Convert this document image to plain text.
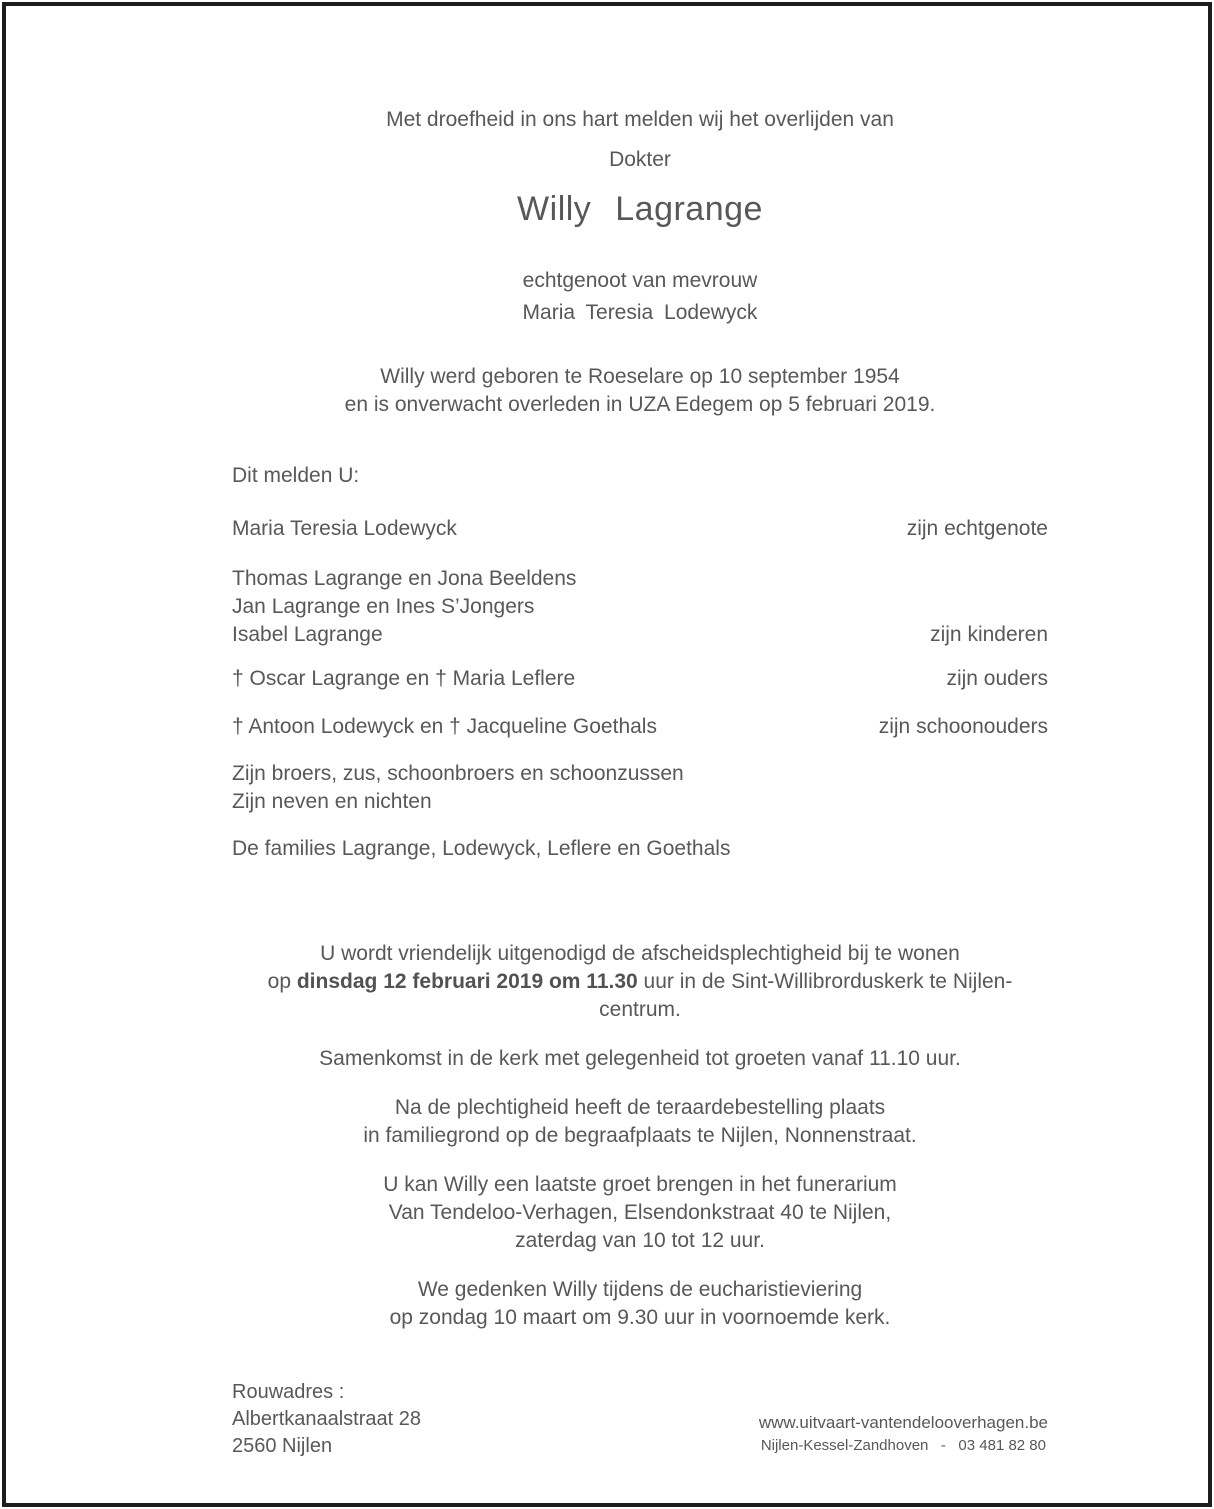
Met droefheid in ons hart melden wij het overlijden van

Dokter

Willy Lagrange

echtgenoot van mevrouw

Maria Teresia Lodewyck

Willy werd geboren te Roeselare op 10 september 1954
en is onverwacht overleden in UZA Edegem op 5 februari 2019.

Dit melden U:

Maria Teresia Lodewyck	zijn echtgenote
Thomas Lagrange en Jona Beeldens
Jan Lagrange en Ines S’Jongers
Isabel Lagrange	zijn kinderen
† Oscar Lagrange en † Maria Leflere	zijn ouders
† Antoon Lodewyck en † Jacqueline Goethals	zijn schoonouders
Zijn broers, zus, schoonbroers en schoonzussen
Zijn neven en nichten
De families Lagrange, Lodewyck, Leflere en Goethals

U wordt vriendelijk uitgenodigd de afscheidsplechtigheid bij te wonen
op dinsdag 12 februari 2019 om 11.30 uur in de Sint-Willibrorduskerk te Nijlen-centrum.

Samenkomst in de kerk met gelegenheid tot groeten vanaf 11.10 uur.

Na de plechtigheid heeft de teraardebestelling plaats
in familiegrond op de begraafplaats te Nijlen, Nonnenstraat.

U kan Willy een laatste groet brengen in het funerarium
Van Tendeloo-Verhagen, Elsendonkstraat 40 te Nijlen,
zaterdag van 10 tot 12 uur.

We gedenken Willy tijdens de eucharistieviering
op zondag 10 maart om 9.30 uur in voornoemde kerk.

Rouwadres :
Albertkanaalstraat 28
2560 Nijlen
www.uitvaart-vantendelooverhagen.be
Nijlen-Kessel-Zandhoven   -   03 481 82 80
